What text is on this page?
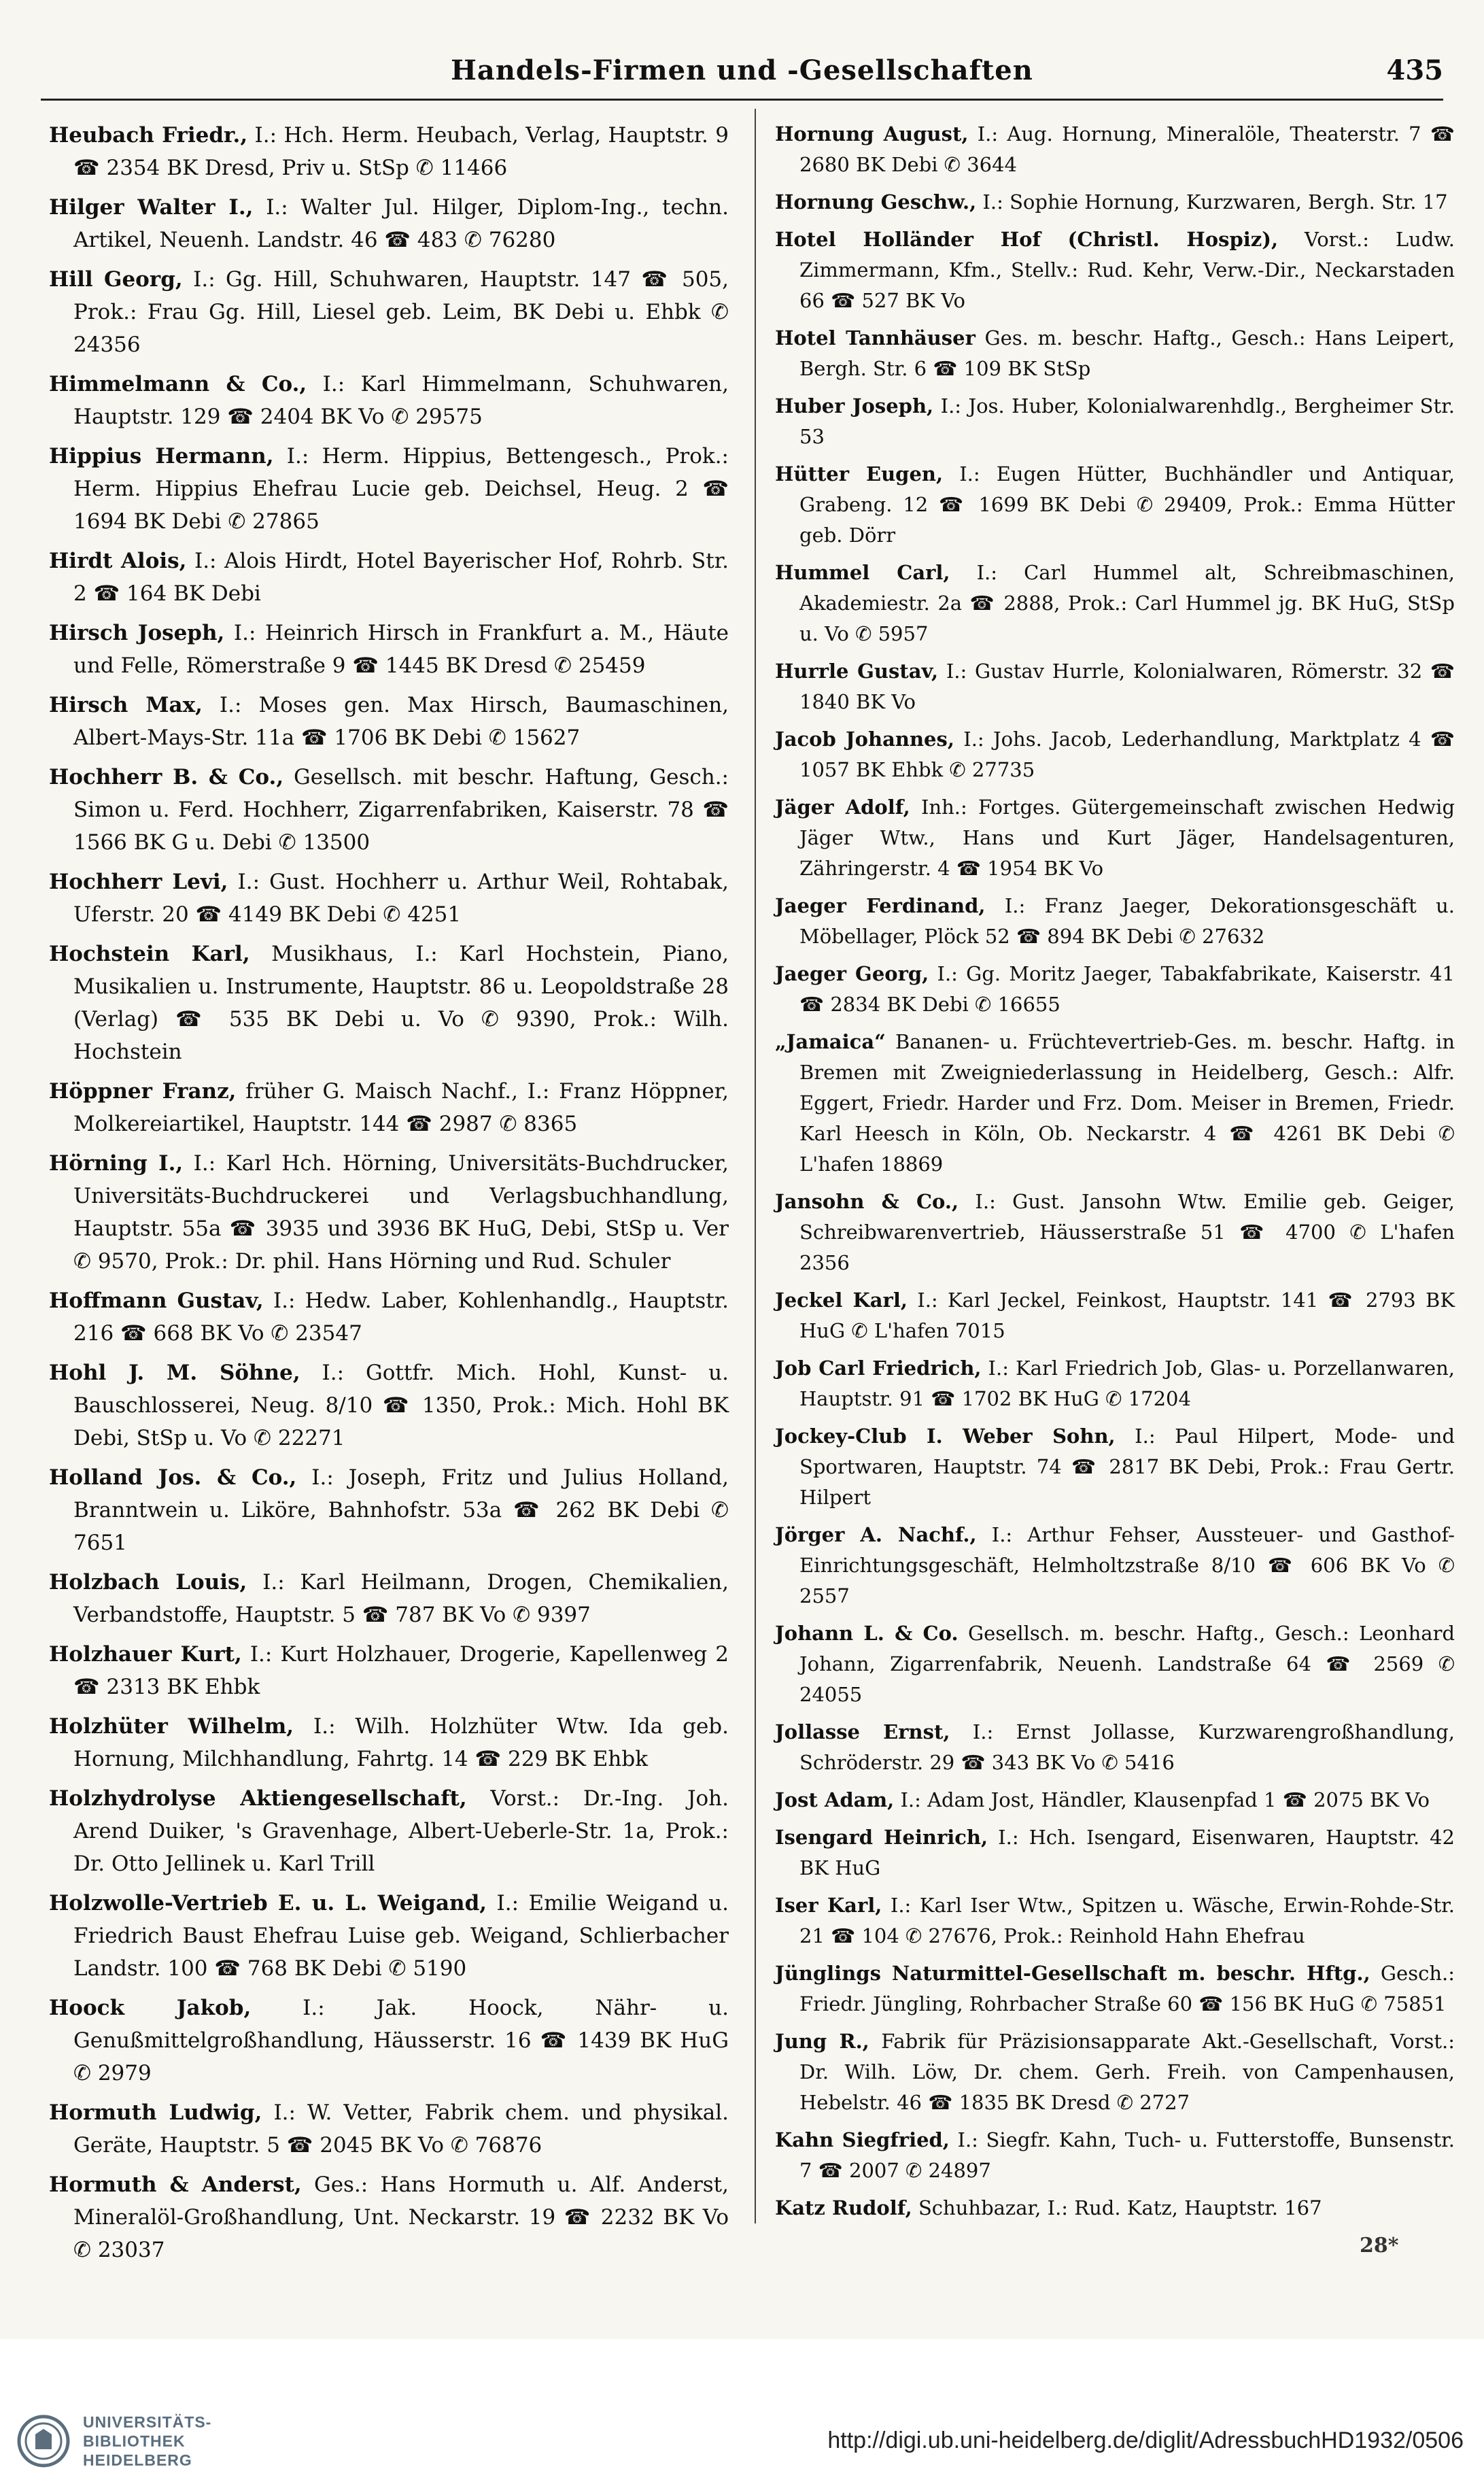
Handels-Firmen und -Gesellschaften	435
Heubach Friedr., I.: Hch. Herm. Heubach, Verlag, Hauptstr. 9 ☎ 2354 BK Dresd, Priv u. StSp ✆ 11466
Hilger Walter I., I.: Walter Jul. Hilger, Diplom-Ing., techn. Artikel, Neuenh. Landstr. 46 ☎ 483 ✆ 76280
Hill Georg, I.: Gg. Hill, Schuhwaren, Hauptstr. 147 ☎ 505, Prok.: Frau Gg. Hill, Liesel geb. Leim, BK Debi u. Ehbk ✆ 24356
Himmelmann & Co., I.: Karl Himmelmann, Schuhwaren, Hauptstr. 129 ☎ 2404 BK Vo ✆ 29575
Hippius Hermann, I.: Herm. Hippius, Bettengesch., Prok.: Herm. Hippius Ehefrau Lucie geb. Deichsel, Heug. 2 ☎ 1694 BK Debi ✆ 27865
Hirdt Alois, I.: Alois Hirdt, Hotel Bayerischer Hof, Rohrb. Str. 2 ☎ 164 BK Debi
Hirsch Joseph, I.: Heinrich Hirsch in Frankfurt a. M., Häute und Felle, Römerstraße 9 ☎ 1445 BK Dresd ✆ 25459
Hirsch Max, I.: Moses gen. Max Hirsch, Baumaschinen, Albert-Mays-Str. 11a ☎ 1706 BK Debi ✆ 15627
Hochherr B. & Co., Gesellsch. mit beschr. Haftung, Gesch.: Simon u. Ferd. Hochherr, Zigarrenfabriken, Kaiserstr. 78 ☎ 1566 BK G u. Debi ✆ 13500
Hochherr Levi, I.: Gust. Hochherr u. Arthur Weil, Rohtabak, Uferstr. 20 ☎ 4149 BK Debi ✆ 4251
Hochstein Karl, Musikhaus, I.: Karl Hochstein, Piano, Musikalien u. Instrumente, Hauptstr. 86 u. Leopoldstraße 28 (Verlag) ☎ 535 BK Debi u. Vo ✆ 9390, Prok.: Wilh. Hochstein
Höppner Franz, früher G. Maisch Nachf., I.: Franz Höppner, Molkereiartikel, Hauptstr. 144 ☎ 2987 ✆ 8365
Hörning I., I.: Karl Hch. Hörning, Universitäts-Buchdrucker, Universitäts-Buchdruckerei und Verlagsbuchhandlung, Hauptstr. 55a ☎ 3935 und 3936 BK HuG, Debi, StSp u. Ver ✆ 9570, Prok.: Dr. phil. Hans Hörning und Rud. Schuler
Hoffmann Gustav, I.: Hedw. Laber, Kohlenhandlg., Hauptstr. 216 ☎ 668 BK Vo ✆ 23547
Hohl J. M. Söhne, I.: Gottfr. Mich. Hohl, Kunst- u. Bauschlosserei, Neug. 8/10 ☎ 1350, Prok.: Mich. Hohl BK Debi, StSp u. Vo ✆ 22271
Holland Jos. & Co., I.: Joseph, Fritz und Julius Holland, Branntwein u. Liköre, Bahnhofstr. 53a ☎ 262 BK Debi ✆ 7651
Holzbach Louis, I.: Karl Heilmann, Drogen, Chemikalien, Verbandstoffe, Hauptstr. 5 ☎ 787 BK Vo ✆ 9397
Holzhauer Kurt, I.: Kurt Holzhauer, Drogerie, Kapellenweg 2 ☎ 2313 BK Ehbk
Holzhüter Wilhelm, I.: Wilh. Holzhüter Wtw. Ida geb. Hornung, Milchhandlung, Fahrtg. 14 ☎ 229 BK Ehbk
Holzhydrolyse Aktiengesellschaft, Vorst.: Dr.-Ing. Joh. Arend Duiker, 's Gravenhage, Albert-Ueberle-Str. 1a, Prok.: Dr. Otto Jellinek u. Karl Trill
Holzwolle-Vertrieb E. u. L. Weigand, I.: Emilie Weigand u. Friedrich Baust Ehefrau Luise geb. Weigand, Schlierbacher Landstr. 100 ☎ 768 BK Debi ✆ 5190
Hoock Jakob, I.: Jak. Hoock, Nähr- u. Genußmittelgroßhandlung, Häusserstr. 16 ☎ 1439 BK HuG ✆ 2979
Hormuth Ludwig, I.: W. Vetter, Fabrik chem. und physikal. Geräte, Hauptstr. 5 ☎ 2045 BK Vo ✆ 76876
Hormuth & Anderst, Ges.: Hans Hormuth u. Alf. Anderst, Mineralöl-Großhandlung, Unt. Neckarstr. 19 ☎ 2232 BK Vo ✆ 23037
Hornung August, I.: Aug. Hornung, Mineralöle, Theaterstr. 7 ☎ 2680 BK Debi ✆ 3644
Hornung Geschw., I.: Sophie Hornung, Kurzwaren, Bergh. Str. 17
Hotel Holländer Hof (Christl. Hospiz), Vorst.: Ludw. Zimmermann, Kfm., Stellv.: Rud. Kehr, Verw.-Dir., Neckarstaden 66 ☎ 527 BK Vo
Hotel Tannhäuser Ges. m. beschr. Haftg., Gesch.: Hans Leipert, Bergh. Str. 6 ☎ 109 BK StSp
Huber Joseph, I.: Jos. Huber, Kolonialwarenhdlg., Bergheimer Str. 53
Hütter Eugen, I.: Eugen Hütter, Buchhändler und Antiquar, Grabeng. 12 ☎ 1699 BK Debi ✆ 29409, Prok.: Emma Hütter geb. Dörr
Hummel Carl, I.: Carl Hummel alt, Schreibmaschinen, Akademiestr. 2a ☎ 2888, Prok.: Carl Hummel jg. BK HuG, StSp u. Vo ✆ 5957
Hurrle Gustav, I.: Gustav Hurrle, Kolonialwaren, Römerstr. 32 ☎ 1840 BK Vo
Jacob Johannes, I.: Johs. Jacob, Lederhandlung, Marktplatz 4 ☎ 1057 BK Ehbk ✆ 27735
Jäger Adolf, Inh.: Fortges. Gütergemeinschaft zwischen Hedwig Jäger Wtw., Hans und Kurt Jäger, Handelsagenturen, Zähringerstr. 4 ☎ 1954 BK Vo
Jaeger Ferdinand, I.: Franz Jaeger, Dekorationsgeschäft u. Möbellager, Plöck 52 ☎ 894 BK Debi ✆ 27632
Jaeger Georg, I.: Gg. Moritz Jaeger, Tabakfabrikate, Kaiserstr. 41 ☎ 2834 BK Debi ✆ 16655
„Jamaica“ Bananen- u. Früchtevertrieb-Ges. m. beschr. Haftg. in Bremen mit Zweigniederlassung in Heidelberg, Gesch.: Alfr. Eggert, Friedr. Harder und Frz. Dom. Meiser in Bremen, Friedr. Karl Heesch in Köln, Ob. Neckarstr. 4 ☎ 4261 BK Debi ✆ L'hafen 18869
Jansohn & Co., I.: Gust. Jansohn Wtw. Emilie geb. Geiger, Schreibwarenvertrieb, Häusserstraße 51 ☎ 4700 ✆ L'hafen 2356
Jeckel Karl, I.: Karl Jeckel, Feinkost, Hauptstr. 141 ☎ 2793 BK HuG ✆ L'hafen 7015
Job Carl Friedrich, I.: Karl Friedrich Job, Glas- u. Porzellanwaren, Hauptstr. 91 ☎ 1702 BK HuG ✆ 17204
Jockey-Club I. Weber Sohn, I.: Paul Hilpert, Mode- und Sportwaren, Hauptstr. 74 ☎ 2817 BK Debi, Prok.: Frau Gertr. Hilpert
Jörger A. Nachf., I.: Arthur Fehser, Aussteuer- und Gasthof-Einrichtungsgeschäft, Helmholtzstraße 8/10 ☎ 606 BK Vo ✆ 2557
Johann L. & Co. Gesellsch. m. beschr. Haftg., Gesch.: Leonhard Johann, Zigarrenfabrik, Neuenh. Landstraße 64 ☎ 2569 ✆ 24055
Jollasse Ernst, I.: Ernst Jollasse, Kurzwarengroßhandlung, Schröderstr. 29 ☎ 343 BK Vo ✆ 5416
Jost Adam, I.: Adam Jost, Händler, Klausenpfad 1 ☎ 2075 BK Vo
Isengard Heinrich, I.: Hch. Isengard, Eisenwaren, Hauptstr. 42 BK HuG
Iser Karl, I.: Karl Iser Wtw., Spitzen u. Wäsche, Erwin-Rohde-Str. 21 ☎ 104 ✆ 27676, Prok.: Reinhold Hahn Ehefrau
Jünglings Naturmittel-Gesellschaft m. beschr. Hftg., Gesch.: Friedr. Jüngling, Rohrbacher Straße 60 ☎ 156 BK HuG ✆ 75851
Jung R., Fabrik für Präzisionsapparate Akt.-Gesellschaft, Vorst.: Dr. Wilh. Löw, Dr. chem. Gerh. Freih. von Campenhausen, Hebelstr. 46 ☎ 1835 BK Dresd ✆ 2727
Kahn Siegfried, I.: Siegfr. Kahn, Tuch- u. Futterstoffe, Bunsenstr. 7 ☎ 2007 ✆ 24897
Katz Rudolf, Schuhbazar, I.: Rud. Katz, Hauptstr. 167
28*
UNIVERSITÄTS-
BIBLIOTHEK
HEIDELBERG
http://digi.ub.uni-heidelberg.de/diglit/AdressbuchHD1932/0506
